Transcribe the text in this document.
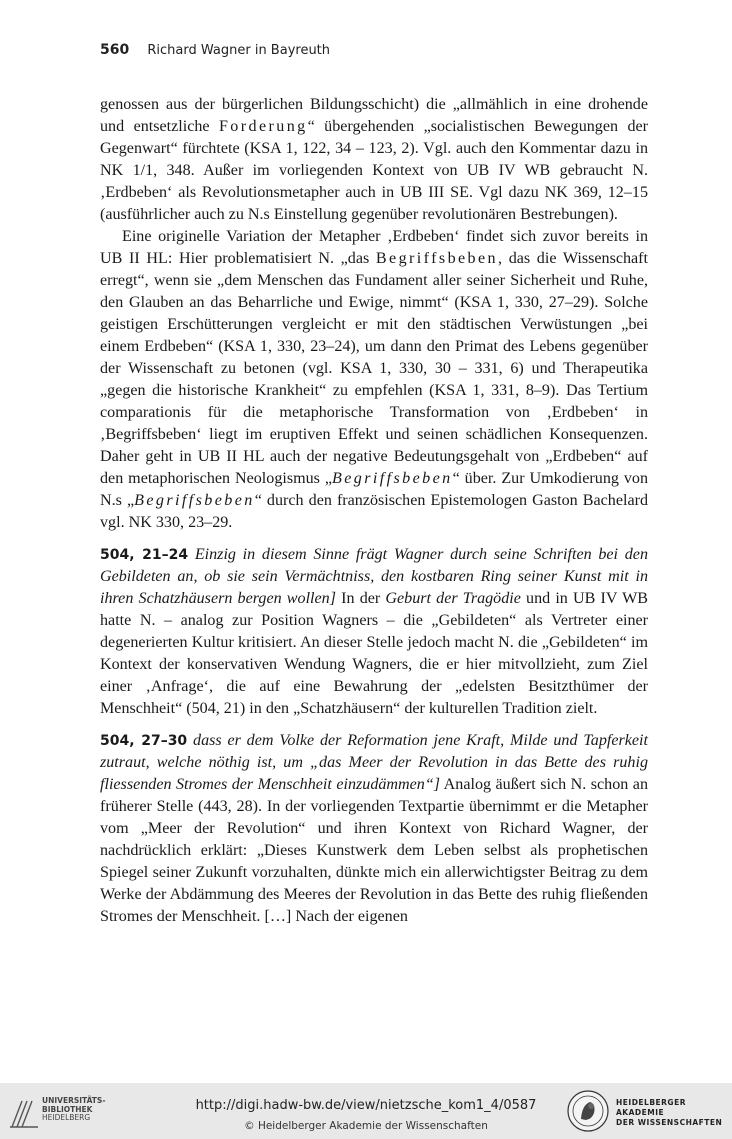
560 Richard Wagner in Bayreuth

genossen aus der bürgerlichen Bildungsschicht) die „allmählich in eine drohende und entsetzliche Forderung“ übergehenden „socialistischen Bewegungen der Gegenwart“ fürchtete (KSA 1, 122, 34 – 123, 2). Vgl. auch den Kommentar dazu in NK 1/1, 348. Außer im vorliegenden Kontext von UB IV WB gebraucht N. ‚Erdbeben‘ als Revolutionsmetapher auch in UB III SE. Vgl dazu NK 369, 12–15 (ausführlicher auch zu N.s Einstellung gegenüber revolutionären Bestrebungen).

Eine originelle Variation der Metapher ‚Erdbeben‘ findet sich zuvor bereits in UB II HL: Hier problematisiert N. „das Begriffsbeben, das die Wissenschaft erregt“, wenn sie „dem Menschen das Fundament aller seiner Sicherheit und Ruhe, den Glauben an das Beharrliche und Ewige, nimmt“ (KSA 1, 330, 27–29). Solche geistigen Erschütterungen vergleicht er mit den städtischen Verwüstungen „bei einem Erdbeben“ (KSA 1, 330, 23–24), um dann den Primat des Lebens gegenüber der Wissenschaft zu betonen (vgl. KSA 1, 330, 30 – 331, 6) und Therapeutika „gegen die historische Krankheit“ zu empfehlen (KSA 1, 331, 8–9). Das Tertium comparationis für die metaphorische Transformation von ‚Erdbeben‘ in ‚Begriffsbeben‘ liegt im eruptiven Effekt und seinen schädlichen Konsequenzen. Daher geht in UB II HL auch der negative Bedeutungsgehalt von „Erdbeben“ auf den metaphorischen Neologismus „Begriffsbeben“ über. Zur Umkodierung von N.s „Begriffsbeben“ durch den französischen Epistemologen Gaston Bachelard vgl. NK 330, 23–29.

504, 21–24 Einzig in diesem Sinne frägt Wagner durch seine Schriften bei den Gebildeten an, ob sie sein Vermächtniss, den kostbaren Ring seiner Kunst mit in ihren Schatzhäusern bergen wollen] In der Geburt der Tragödie und in UB IV WB hatte N. – analog zur Position Wagners – die „Gebildeten“ als Vertreter einer degenerierten Kultur kritisiert. An dieser Stelle jedoch macht N. die „Gebildeten“ im Kontext der konservativen Wendung Wagners, die er hier mitvollzieht, zum Ziel einer ‚Anfrage‘, die auf eine Bewahrung der „edelsten Besitzthümer der Menschheit“ (504, 21) in den „Schatzhäusern“ der kulturellen Tradition zielt.

504, 27–30 dass er dem Volke der Reformation jene Kraft, Milde und Tapferkeit zutraut, welche nöthig ist, um „das Meer der Revolution in das Bette des ruhig fliessenden Stromes der Menschheit einzudämmen“] Analog äußert sich N. schon an früherer Stelle (443, 28). In der vorliegenden Textpartie übernimmt er die Metapher vom „Meer der Revolution“ und ihren Kontext von Richard Wagner, der nachdrücklich erklärt: „Dieses Kunstwerk dem Leben selbst als prophetischen Spiegel seiner Zukunft vorzuhalten, dünkte mich ein allerwichtigster Beitrag zu dem Werke der Abdämmung des Meeres der Revolution in das Bette des ruhig fließenden Stromes der Menschheit. […] Nach der eigenen

UNIVERSITÄTS-
BIBLIOTHEK
HEIDELBERG
http://digi.hadw-bw.de/view/nietzsche_kom1_4/0587
© Heidelberger Akademie der Wissenschaften
HEIDELBERGER AKADEMIE
DER WISSENSCHAFTEN
